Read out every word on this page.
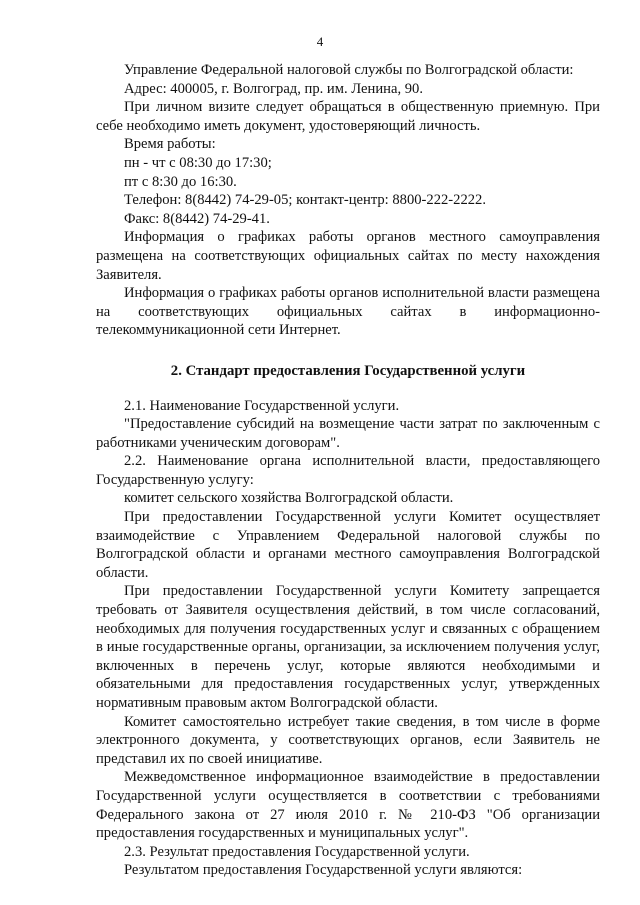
4

Управление Федеральной налоговой службы по Волгоградской области:

Адрес: 400005, г. Волгоград, пр. им. Ленина, 90.

При личном визите следует обращаться в общественную приемную. При себе необходимо иметь документ, удостоверяющий личность.

Время работы:

пн - чт с 08:30 до 17:30;

пт с 8:30 до 16:30.

Телефон: 8(8442) 74-29-05; контакт-центр: 8800-222-2222.

Факс: 8(8442) 74-29-41.

Информация о графиках работы органов местного самоуправления размещена на соответствующих официальных сайтах по месту нахождения Заявителя.

Информация о графиках работы органов исполнительной власти размещена на соответствующих официальных сайтах в информационно-телекоммуникационной сети Интернет.

2. Стандарт предоставления Государственной услуги

2.1. Наименование Государственной услуги.

"Предоставление субсидий на возмещение части затрат по заключенным с работниками ученическим договорам".

2.2. Наименование органа исполнительной власти, предоставляющего Государственную услугу:

комитет сельского хозяйства Волгоградской области.

При предоставлении Государственной услуги Комитет осуществляет взаимодействие с Управлением Федеральной налоговой службы по Волгоградской области и органами местного самоуправления Волгоградской области.

При предоставлении Государственной услуги Комитету запрещается требовать от Заявителя осуществления действий, в том числе согласований, необходимых для получения государственных услуг и связанных с обращением в иные государственные органы, организации, за исключением получения услуг, включенных в перечень услуг, которые являются необходимыми и обязательными для предоставления государственных услуг, утвержденных нормативным правовым актом Волгоградской области.

Комитет самостоятельно истребует такие сведения, в том числе в форме электронного документа, у соответствующих органов, если Заявитель не представил их по своей инициативе.

Межведомственное информационное взаимодействие в предоставлении Государственной услуги осуществляется в соответствии с требованиями Федерального закона от 27 июля 2010 г. № 210-ФЗ "Об организации предоставления государственных и муниципальных услуг".

2.3. Результат предоставления Государственной услуги.

Результатом предоставления Государственной услуги являются:
